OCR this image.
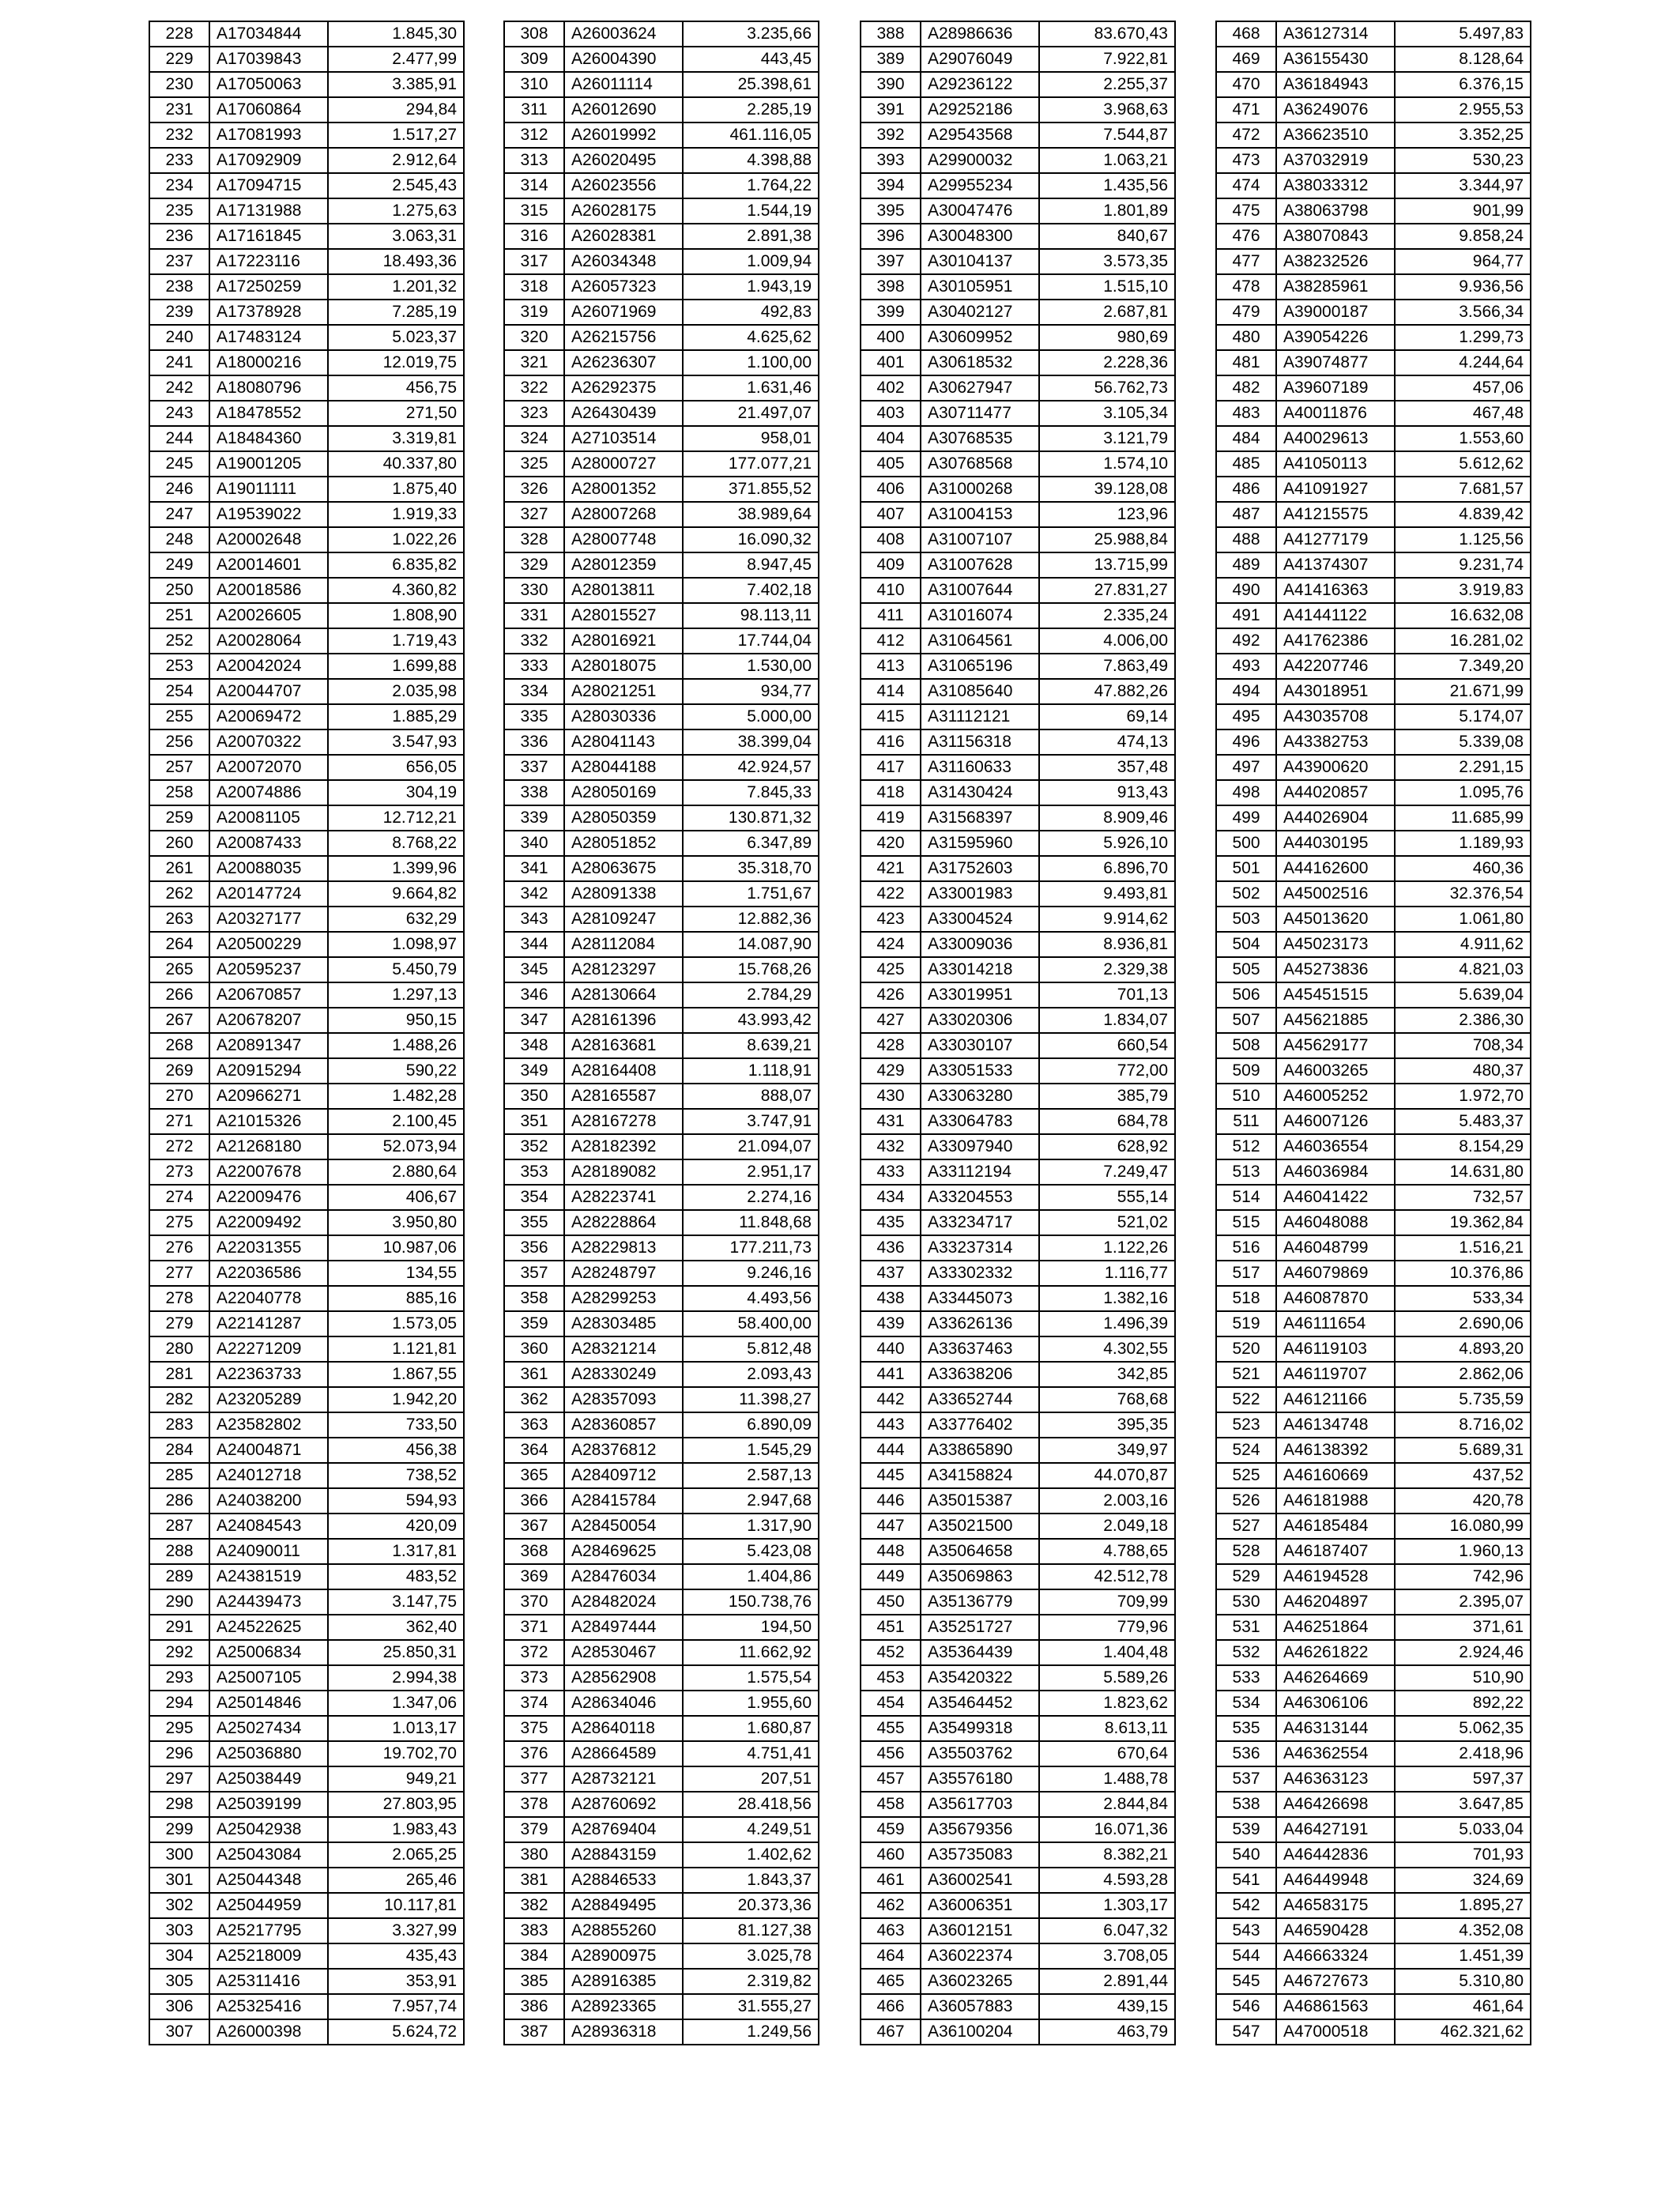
228	A17034844	1.845,30
229	A17039843	2.477,99
230	A17050063	3.385,91
231	A17060864	294,84
232	A17081993	1.517,27
233	A17092909	2.912,64
234	A17094715	2.545,43
235	A17131988	1.275,63
236	A17161845	3.063,31
237	A17223116	18.493,36
238	A17250259	1.201,32
239	A17378928	7.285,19
240	A17483124	5.023,37
241	A18000216	12.019,75
242	A18080796	456,75
243	A18478552	271,50
244	A18484360	3.319,81
245	A19001205	40.337,80
246	A19011111	1.875,40
247	A19539022	1.919,33
248	A20002648	1.022,26
249	A20014601	6.835,82
250	A20018586	4.360,82
251	A20026605	1.808,90
252	A20028064	1.719,43
253	A20042024	1.699,88
254	A20044707	2.035,98
255	A20069472	1.885,29
256	A20070322	3.547,93
257	A20072070	656,05
258	A20074886	304,19
259	A20081105	12.712,21
260	A20087433	8.768,22
261	A20088035	1.399,96
262	A20147724	9.664,82
263	A20327177	632,29
264	A20500229	1.098,97
265	A20595237	5.450,79
266	A20670857	1.297,13
267	A20678207	950,15
268	A20891347	1.488,26
269	A20915294	590,22
270	A20966271	1.482,28
271	A21015326	2.100,45
272	A21268180	52.073,94
273	A22007678	2.880,64
274	A22009476	406,67
275	A22009492	3.950,80
276	A22031355	10.987,06
277	A22036586	134,55
278	A22040778	885,16
279	A22141287	1.573,05
280	A22271209	1.121,81
281	A22363733	1.867,55
282	A23205289	1.942,20
283	A23582802	733,50
284	A24004871	456,38
285	A24012718	738,52
286	A24038200	594,93
287	A24084543	420,09
288	A24090011	1.317,81
289	A24381519	483,52
290	A24439473	3.147,75
291	A24522625	362,40
292	A25006834	25.850,31
293	A25007105	2.994,38
294	A25014846	1.347,06
295	A25027434	1.013,17
296	A25036880	19.702,70
297	A25038449	949,21
298	A25039199	27.803,95
299	A25042938	1.983,43
300	A25043084	2.065,25
301	A25044348	265,46
302	A25044959	10.117,81
303	A25217795	3.327,99
304	A25218009	435,43
305	A25311416	353,91
306	A25325416	7.957,74
307	A26000398	5.624,72
308	A26003624	3.235,66
309	A26004390	443,45
310	A26011114	25.398,61
311	A26012690	2.285,19
312	A26019992	461.116,05
313	A26020495	4.398,88
314	A26023556	1.764,22
315	A26028175	1.544,19
316	A26028381	2.891,38
317	A26034348	1.009,94
318	A26057323	1.943,19
319	A26071969	492,83
320	A26215756	4.625,62
321	A26236307	1.100,00
322	A26292375	1.631,46
323	A26430439	21.497,07
324	A27103514	958,01
325	A28000727	177.077,21
326	A28001352	371.855,52
327	A28007268	38.989,64
328	A28007748	16.090,32
329	A28012359	8.947,45
330	A28013811	7.402,18
331	A28015527	98.113,11
332	A28016921	17.744,04
333	A28018075	1.530,00
334	A28021251	934,77
335	A28030336	5.000,00
336	A28041143	38.399,04
337	A28044188	42.924,57
338	A28050169	7.845,33
339	A28050359	130.871,32
340	A28051852	6.347,89
341	A28063675	35.318,70
342	A28091338	1.751,67
343	A28109247	12.882,36
344	A28112084	14.087,90
345	A28123297	15.768,26
346	A28130664	2.784,29
347	A28161396	43.993,42
348	A28163681	8.639,21
349	A28164408	1.118,91
350	A28165587	888,07
351	A28167278	3.747,91
352	A28182392	21.094,07
353	A28189082	2.951,17
354	A28223741	2.274,16
355	A28228864	11.848,68
356	A28229813	177.211,73
357	A28248797	9.246,16
358	A28299253	4.493,56
359	A28303485	58.400,00
360	A28321214	5.812,48
361	A28330249	2.093,43
362	A28357093	11.398,27
363	A28360857	6.890,09
364	A28376812	1.545,29
365	A28409712	2.587,13
366	A28415784	2.947,68
367	A28450054	1.317,90
368	A28469625	5.423,08
369	A28476034	1.404,86
370	A28482024	150.738,76
371	A28497444	194,50
372	A28530467	11.662,92
373	A28562908	1.575,54
374	A28634046	1.955,60
375	A28640118	1.680,87
376	A28664589	4.751,41
377	A28732121	207,51
378	A28760692	28.418,56
379	A28769404	4.249,51
380	A28843159	1.402,62
381	A28846533	1.843,37
382	A28849495	20.373,36
383	A28855260	81.127,38
384	A28900975	3.025,78
385	A28916385	2.319,82
386	A28923365	31.555,27
387	A28936318	1.249,56
388	A28986636	83.670,43
389	A29076049	7.922,81
390	A29236122	2.255,37
391	A29252186	3.968,63
392	A29543568	7.544,87
393	A29900032	1.063,21
394	A29955234	1.435,56
395	A30047476	1.801,89
396	A30048300	840,67
397	A30104137	3.573,35
398	A30105951	1.515,10
399	A30402127	2.687,81
400	A30609952	980,69
401	A30618532	2.228,36
402	A30627947	56.762,73
403	A30711477	3.105,34
404	A30768535	3.121,79
405	A30768568	1.574,10
406	A31000268	39.128,08
407	A31004153	123,96
408	A31007107	25.988,84
409	A31007628	13.715,99
410	A31007644	27.831,27
411	A31016074	2.335,24
412	A31064561	4.006,00
413	A31065196	7.863,49
414	A31085640	47.882,26
415	A31112121	69,14
416	A31156318	474,13
417	A31160633	357,48
418	A31430424	913,43
419	A31568397	8.909,46
420	A31595960	5.926,10
421	A31752603	6.896,70
422	A33001983	9.493,81
423	A33004524	9.914,62
424	A33009036	8.936,81
425	A33014218	2.329,38
426	A33019951	701,13
427	A33020306	1.834,07
428	A33030107	660,54
429	A33051533	772,00
430	A33063280	385,79
431	A33064783	684,78
432	A33097940	628,92
433	A33112194	7.249,47
434	A33204553	555,14
435	A33234717	521,02
436	A33237314	1.122,26
437	A33302332	1.116,77
438	A33445073	1.382,16
439	A33626136	1.496,39
440	A33637463	4.302,55
441	A33638206	342,85
442	A33652744	768,68
443	A33776402	395,35
444	A33865890	349,97
445	A34158824	44.070,87
446	A35015387	2.003,16
447	A35021500	2.049,18
448	A35064658	4.788,65
449	A35069863	42.512,78
450	A35136779	709,99
451	A35251727	779,96
452	A35364439	1.404,48
453	A35420322	5.589,26
454	A35464452	1.823,62
455	A35499318	8.613,11
456	A35503762	670,64
457	A35576180	1.488,78
458	A35617703	2.844,84
459	A35679356	16.071,36
460	A35735083	8.382,21
461	A36002541	4.593,28
462	A36006351	1.303,17
463	A36012151	6.047,32
464	A36022374	3.708,05
465	A36023265	2.891,44
466	A36057883	439,15
467	A36100204	463,79
468	A36127314	5.497,83
469	A36155430	8.128,64
470	A36184943	6.376,15
471	A36249076	2.955,53
472	A36623510	3.352,25
473	A37032919	530,23
474	A38033312	3.344,97
475	A38063798	901,99
476	A38070843	9.858,24
477	A38232526	964,77
478	A38285961	9.936,56
479	A39000187	3.566,34
480	A39054226	1.299,73
481	A39074877	4.244,64
482	A39607189	457,06
483	A40011876	467,48
484	A40029613	1.553,60
485	A41050113	5.612,62
486	A41091927	7.681,57
487	A41215575	4.839,42
488	A41277179	1.125,56
489	A41374307	9.231,74
490	A41416363	3.919,83
491	A41441122	16.632,08
492	A41762386	16.281,02
493	A42207746	7.349,20
494	A43018951	21.671,99
495	A43035708	5.174,07
496	A43382753	5.339,08
497	A43900620	2.291,15
498	A44020857	1.095,76
499	A44026904	11.685,99
500	A44030195	1.189,93
501	A44162600	460,36
502	A45002516	32.376,54
503	A45013620	1.061,80
504	A45023173	4.911,62
505	A45273836	4.821,03
506	A45451515	5.639,04
507	A45621885	2.386,30
508	A45629177	708,34
509	A46003265	480,37
510	A46005252	1.972,70
511	A46007126	5.483,37
512	A46036554	8.154,29
513	A46036984	14.631,80
514	A46041422	732,57
515	A46048088	19.362,84
516	A46048799	1.516,21
517	A46079869	10.376,86
518	A46087870	533,34
519	A46111654	2.690,06
520	A46119103	4.893,20
521	A46119707	2.862,06
522	A46121166	5.735,59
523	A46134748	8.716,02
524	A46138392	5.689,31
525	A46160669	437,52
526	A46181988	420,78
527	A46185484	16.080,99
528	A46187407	1.960,13
529	A46194528	742,96
530	A46204897	2.395,07
531	A46251864	371,61
532	A46261822	2.924,46
533	A46264669	510,90
534	A46306106	892,22
535	A46313144	5.062,35
536	A46362554	2.418,96
537	A46363123	597,37
538	A46426698	3.647,85
539	A46427191	5.033,04
540	A46442836	701,93
541	A46449948	324,69
542	A46583175	1.895,27
543	A46590428	4.352,08
544	A46663324	1.451,39
545	A46727673	5.310,80
546	A46861563	461,64
547	A47000518	462.321,62
